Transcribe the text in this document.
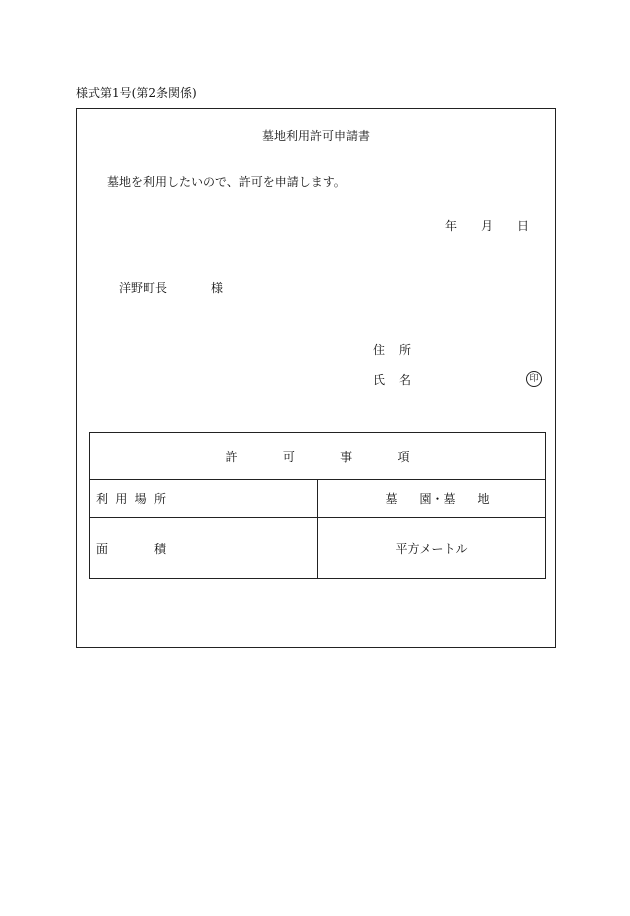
様式第1号(第2条関係)
墓地利用許可申請書
墓地を利用したいので、許可を申請します。
年 月 日
洋野町長	様
住 所
氏 名	印
許 可 事 項	

利 用 場 所	墓 園・墓 地

面 積	平方メートル
